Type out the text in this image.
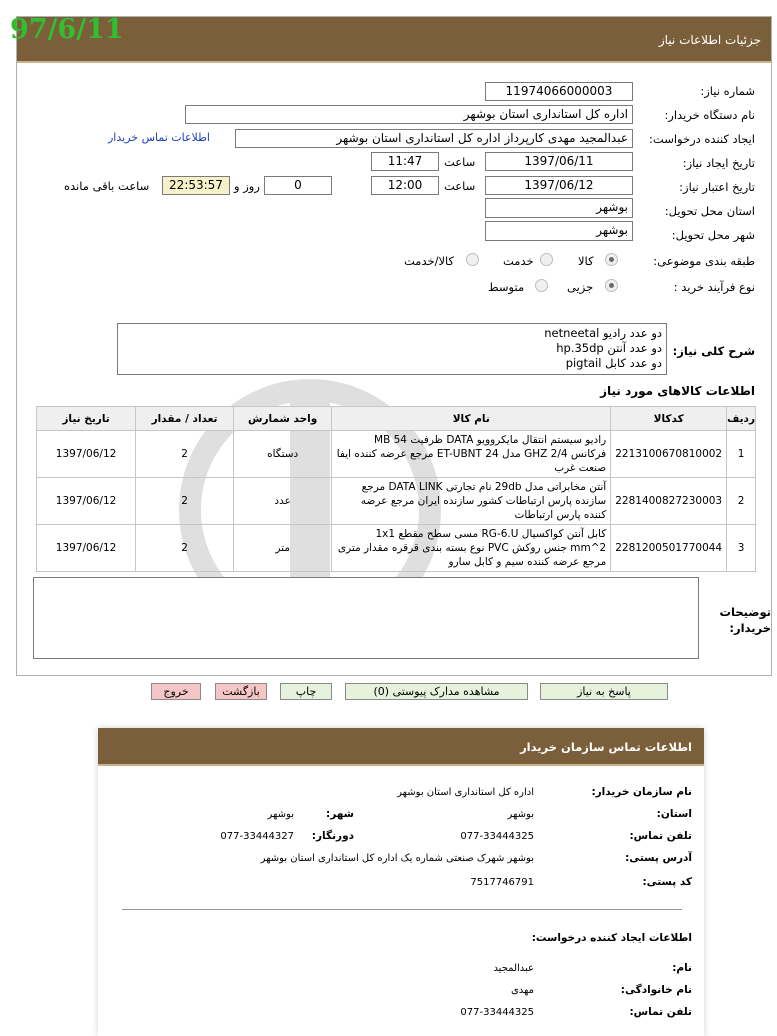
97/6/11	جزئیات اطلاعات نیاز
شماره نیاز:
11974066000003
نام دستگاه خریدار:
اداره کل استانداری استان بوشهر
ایجاد کننده درخواست:
عبدالمجید مهدی کارپرداز اداره کل استانداری استان بوشهر
اطلاعات تماس خریدار
تاریخ ایجاد نیاز:
1397/06/11
ساعت
11:47
تاریخ اعتبار نیاز:
1397/06/12
ساعت
12:00
0
روز و
22:53:57
ساعت باقی مانده
استان محل تحویل:
بوشهر
شهر محل تحویل:
بوشهر
طبقه بندی موضوعی:
کالا
خدمت
کالا/خدمت
نوع فرآیند خرید :
جزیی
متوسط
شرح کلی نیاز:
دو عدد رادیو netneetal
دو عدد آنتن hp.35dp
دو عدد کابل pigtail
اطلاعات کالاهای مورد نیاز
ردیف	کدکالا	نام کالا	واحد شمارش	تعداد / مقدار	تاریخ نیاز
1	2213100670810002	رادیو سیستم انتقال مایکروویو DATA ظرفیت MB 54 فرکانس GHZ 2/4 مدل ET-UBNT 24 مرجع عرضه کننده ایفا صنعت غرب	دستگاه	2	1397/06/12
2	2281400827230003	آنتن مخابراتی مدل 29db نام تجارتی DATA LINK مرجع سازنده پارس ارتباطات کشور سازنده ایران مرجع عرضه کننده پارس ارتباطات	عدد	2	1397/06/12
3	2281200501770044	کابل آنتن کواکسیال RG-6.U مسی سطح مقطع 1x1 mm^2 جنس روکش PVC نوع بسته بندی قرقره مقدار متری مرجع عرضه کننده سیم و کابل سارو	متر	2	1397/06/12
توضیحات خریدار:
پاسخ به نیاز
مشاهده مدارک پیوستی (0)
چاپ
بازگشت
خروج
اطلاعات تماس سازمان خریدار
نام سازمان خریدار:
اداره کل استانداری استان بوشهر
استان:
بوشهر
شهر:
بوشهر
تلفن تماس:
077-33444325
دورنگار:
077-33444327
آدرس پستی:
بوشهر شهرک صنعتی شماره یک اداره کل استانداری استان بوشهر
کد پستی:
7517746791
اطلاعات ایجاد کننده درخواست:
نام:
عبدالمجید
نام خانوادگی:
مهدی
تلفن تماس:
077-33444325
